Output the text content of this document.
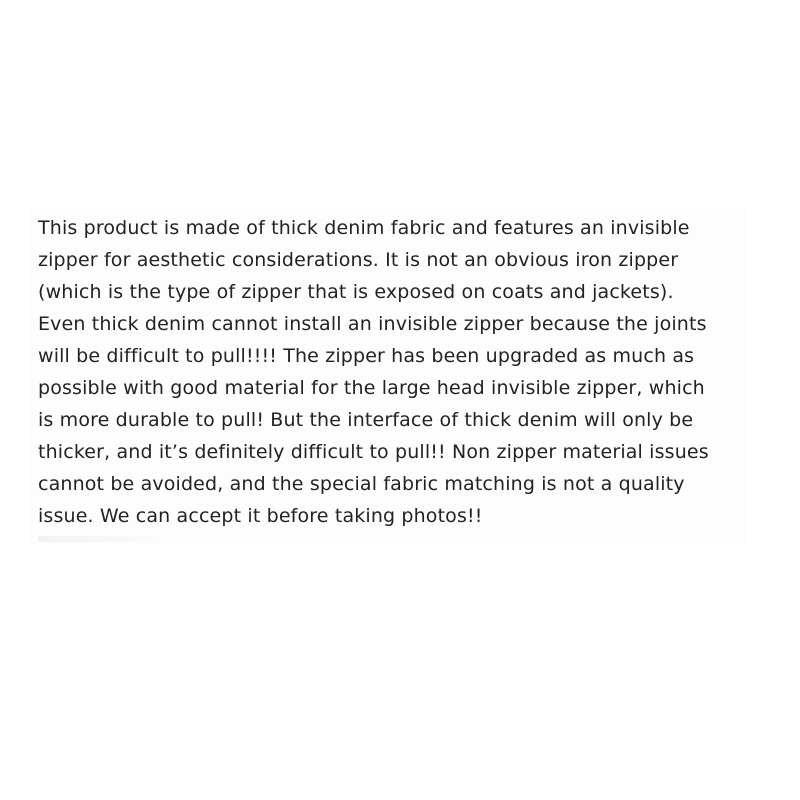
This product is made of thick denim fabric and features an invisible
zipper for aesthetic considerations. It is not an obvious iron zipper
(which is the type of zipper that is exposed on coats and jackets).
Even thick denim cannot install an invisible zipper because the joints
will be difficult to pull!!!! The zipper has been upgraded as much as
possible with good material for the large head invisible zipper, which
is more durable to pull! But the interface of thick denim will only be
thicker, and it’s definitely difficult to pull!! Non zipper material issues
cannot be avoided, and the special fabric matching is not a quality
issue. We can accept it before taking photos!!
